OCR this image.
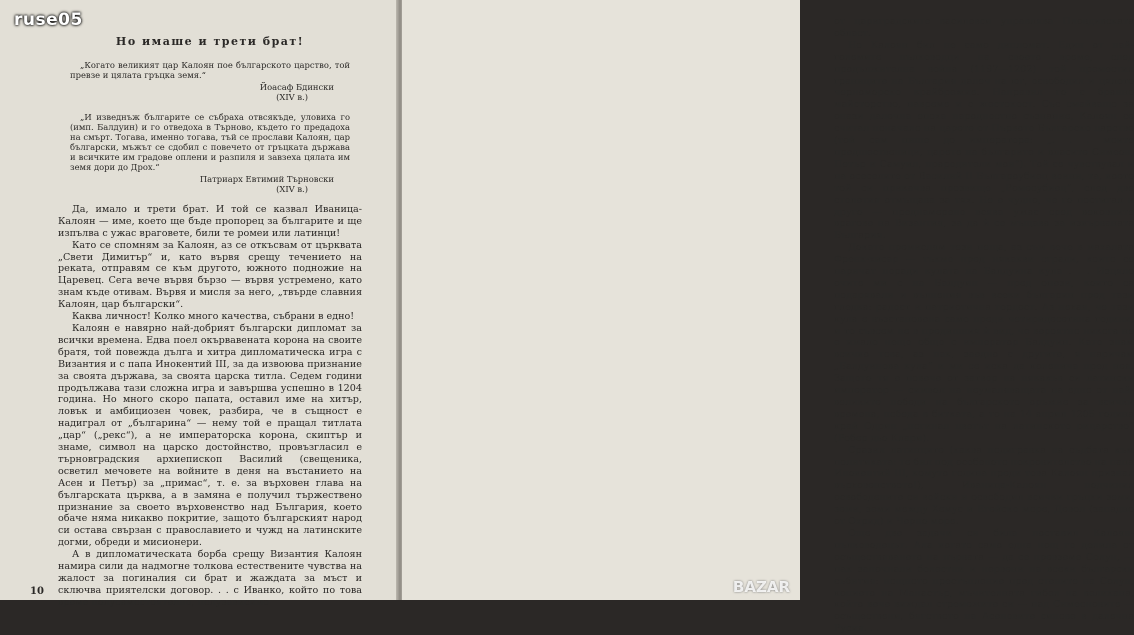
Но имаше и трети брат!
„Когато великият цар Калоян пое българското царство, той превзе и цялата гръцка земя.“
Йоасаф Бдински
(XIV в.)
„И изведнъж българите се събраха отвсякъде, уловиха го (имп. Балдуин) и го отведоха в Търново, където го предадоха на смърт. Тогава, именно тогава, тъй се прослави Калоян, цар български, мъжът се сдобил с повечето от гръцката държава и всичките им градове оплени и разпиля и завзеха цялата им земя дори до Дрох.“
Патриарх Евтимий Търновски
(XIV в.)

Да, имало и трети брат. И той се казвал Иваница-Калоян — име, което ще бъде пропорец за българите и ще изпълва с ужас враговете, били те ромеи или латинци!

Като се спомням за Калоян, аз се откъсвам от църквата „Свети Димитър“ и, като вървя срещу течението на реката, отправям се към другото, южното подножие на Царевец. Сега вече вървя бързо — вървя устремено, като знам къде отивам. Вървя и мисля за него, „твърде славния Калоян, цар български“.

Каква личност! Колко много качества, събрани в едно!

Калоян е навярно най-добрият български дипломат за всички времена. Едва поел окървавената корона на своите братя, той повежда дълга и хитра дипломатическа игра с Византия и с папа Инокентий III, за да извоюва признание за своята държава, за своята царска титла. Седем години продължава тази сложна игра и завършва успешно в 1204 година. Но много скоро папата, оставил име на хитър, ловък и амбициозен човек, разбира, че в същност е надиграл от „българина“ — нему той е пращал титлата „цар“ („рекс“), а не императорска корона, скиптър и знаме, символ на царско достойнство, провъзгласил е търновградския архиепископ Василий (свещеника, осветил мечовете на войните в деня на въстанието на Асен и Петър) за „примас“, т. е. за върховен глава на българската църква, а в замяна е получил тържествено признание за своето върховенство над България, което обаче няма никакво покритие, защото българският народ си остава свързан с православието и чужд на латинските догми, обреди и мисионери.

А в дипломатическата борба срещу Византия Калоян намира сили да надмогне толкова естествените чувства на жалост за погиналия си брат и жаждата за мъст и сключва приятелски договор. . . с Иванко, който по това време полусамостоятелно, полузависимо

10

от цариградските василевси управлява Пловдивската област.

Но Калоян бил не само дипломат. Един от най-големите пълководци на своето време, след продължителна война (1197—1202) той преместил границите на България далеч на юг, освободил и цялото черноморско крайбрежие. Направил го с бранно майсторство, навреме и с жестокост. Със смайващо за онази далечна епоха народностно съзнание, Калоян се считал поначало на царете от Първото Българско царство (той сам пише до императора: „. . . моите предшественици, царете на българите и власите Симеон, Петър и Самуил, прародители мои“). Той се чувствувал и на осеселите от Василий II Българоубиец воини, та, което той си прикачва прозвище „Ромеоубиец“, след две столетия отмъщава за тях. Не е чудно, че го постигал и друго — преднамерено всява ужас сред вековните врагове на Византия, за да ѝ се мъщава за изкърваната България.

Докато премислям тези неща, аз съм вече в махалата Френк-хисар — тъкмо пред някакви сгради, които се наричат поради кулата на Балдуина кула . . . Изцяло очите ми с на Балдуин — пред онези, които са подарявали и вълнения във всеки българин пред тази гледка: радост и патриотична гордост. Аз нехая, че тази кула е възстановена само преди четиридесетина години, и то съвсем не в предишния ѝ вид, че вероятно никога не е имало нещо общо с император Балдуин. Като знам всичко това, аз пак, заедно с другите, я наричам „Балдуинова кула“ и ми се иска да коленича пред нея. Защото тя е повече от затвор на някакъв си латински император — символ на неумаляващата на едно от най-великите победи на българското оръжие за всички времена, победа в битката, а то на 14 април 1205 година край Одрин „погинал цветът на латинското рицарство“ (Робер дьо Клари).

Сразил латинците (каква подигравка на съдбата към политиката: те бил под особеното покровителство на папа Инокентий III, комуто година преди това Калоян признал върховенството!), Иваница-Калоян подчинил освободените си войски и освободил всички гръцки земи, земи, земи между Хемус и Егейско море, Девол (западно от Охрид) и Черно море.

Още две задачи си била поставил Калоян-пълководецът. Ала когато само една нощ го делила от осъществяването на първата — да се превземе Солун, — пак започнали болестни и нервени на всеки български събития: нощното престъпление пред стените на Солун, копието на Манастър, мъчителната гибел на великана, който вече виждал стремежите си — над Симеоновите — осъществени, бягството на Асеновите синове в далечна Русия. . .

ruse05
BAZAR
